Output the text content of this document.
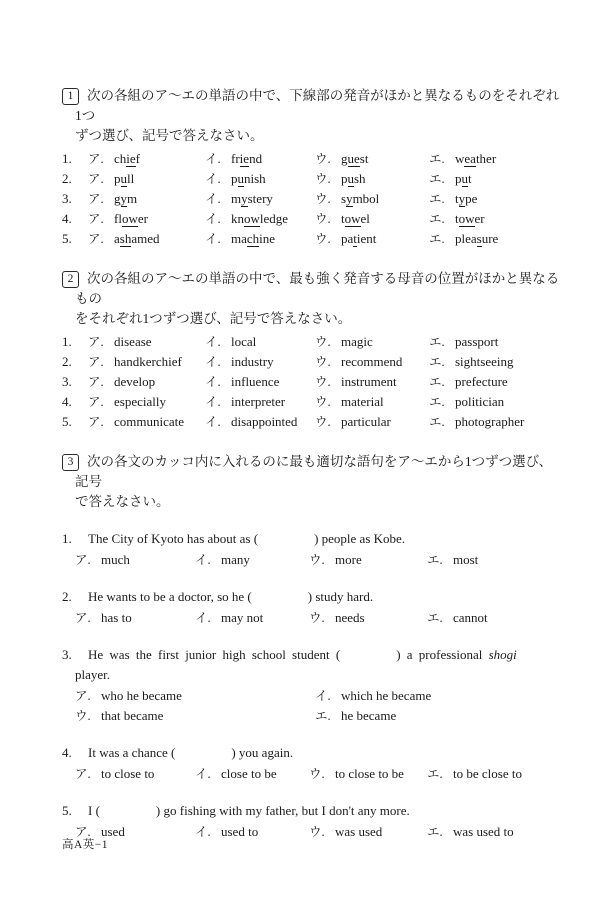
1 次の各組のア〜エの単語の中で、下線部の発音がほかと異なるものをそれぞれ1つ
ずつ選び、記号で答えなさい。
1.	ア. chief	イ. friend	ウ. guest	エ. weather
2.	ア. pull	イ. punish	ウ. push	エ. put
3.	ア. gym	イ. mystery	ウ. symbol	エ. type
4.	ア. flower	イ. knowledge ウ. towel	エ. tower
5.	ア. ashamed	イ. machine	ウ. patient	エ. pleasure
2 次の各組のア〜エの単語の中で、最も強く発音する母音の位置がほかと異なるもの
をそれぞれ1つずつ選び、記号で答えなさい。
1.	ア. disease	イ. local	ウ. magic	エ. passport
2.	ア. handkerchief イ. industry	ウ. recommend エ. sightseeing
3.	ア. develop	イ. influence	ウ. instrument	エ. prefecture
4.	ア. especially	イ. interpreter ウ. material	エ. politician
5.	ア. communicate イ. disappointed ウ. particular	エ. photographer
3 次の各文のカッコ内に入れるのに最も適切な語句をア〜エから1つずつ選び、記号
で答えなさい。
1. The City of Kyoto has about as (	) people as Kobe.
ア. much	イ. many	ウ. more	エ. most
2. He wants to be a doctor, so he (	) study hard.
ア. has to	イ. may not	ウ. needs	エ. cannot
3. He was the first junior high school student (	) a professional shogi
player.
ア. who he became	イ. which he became
ウ. that became	エ. he became
4. It was a chance (	) you again.
ア. to close to	イ. close to be	ウ. to close to be エ. to be close to
5. I (	) go fishing with my father, but I don't any more.
ア. used	イ. used to	ウ. was used	エ. was used to
高A英−1
